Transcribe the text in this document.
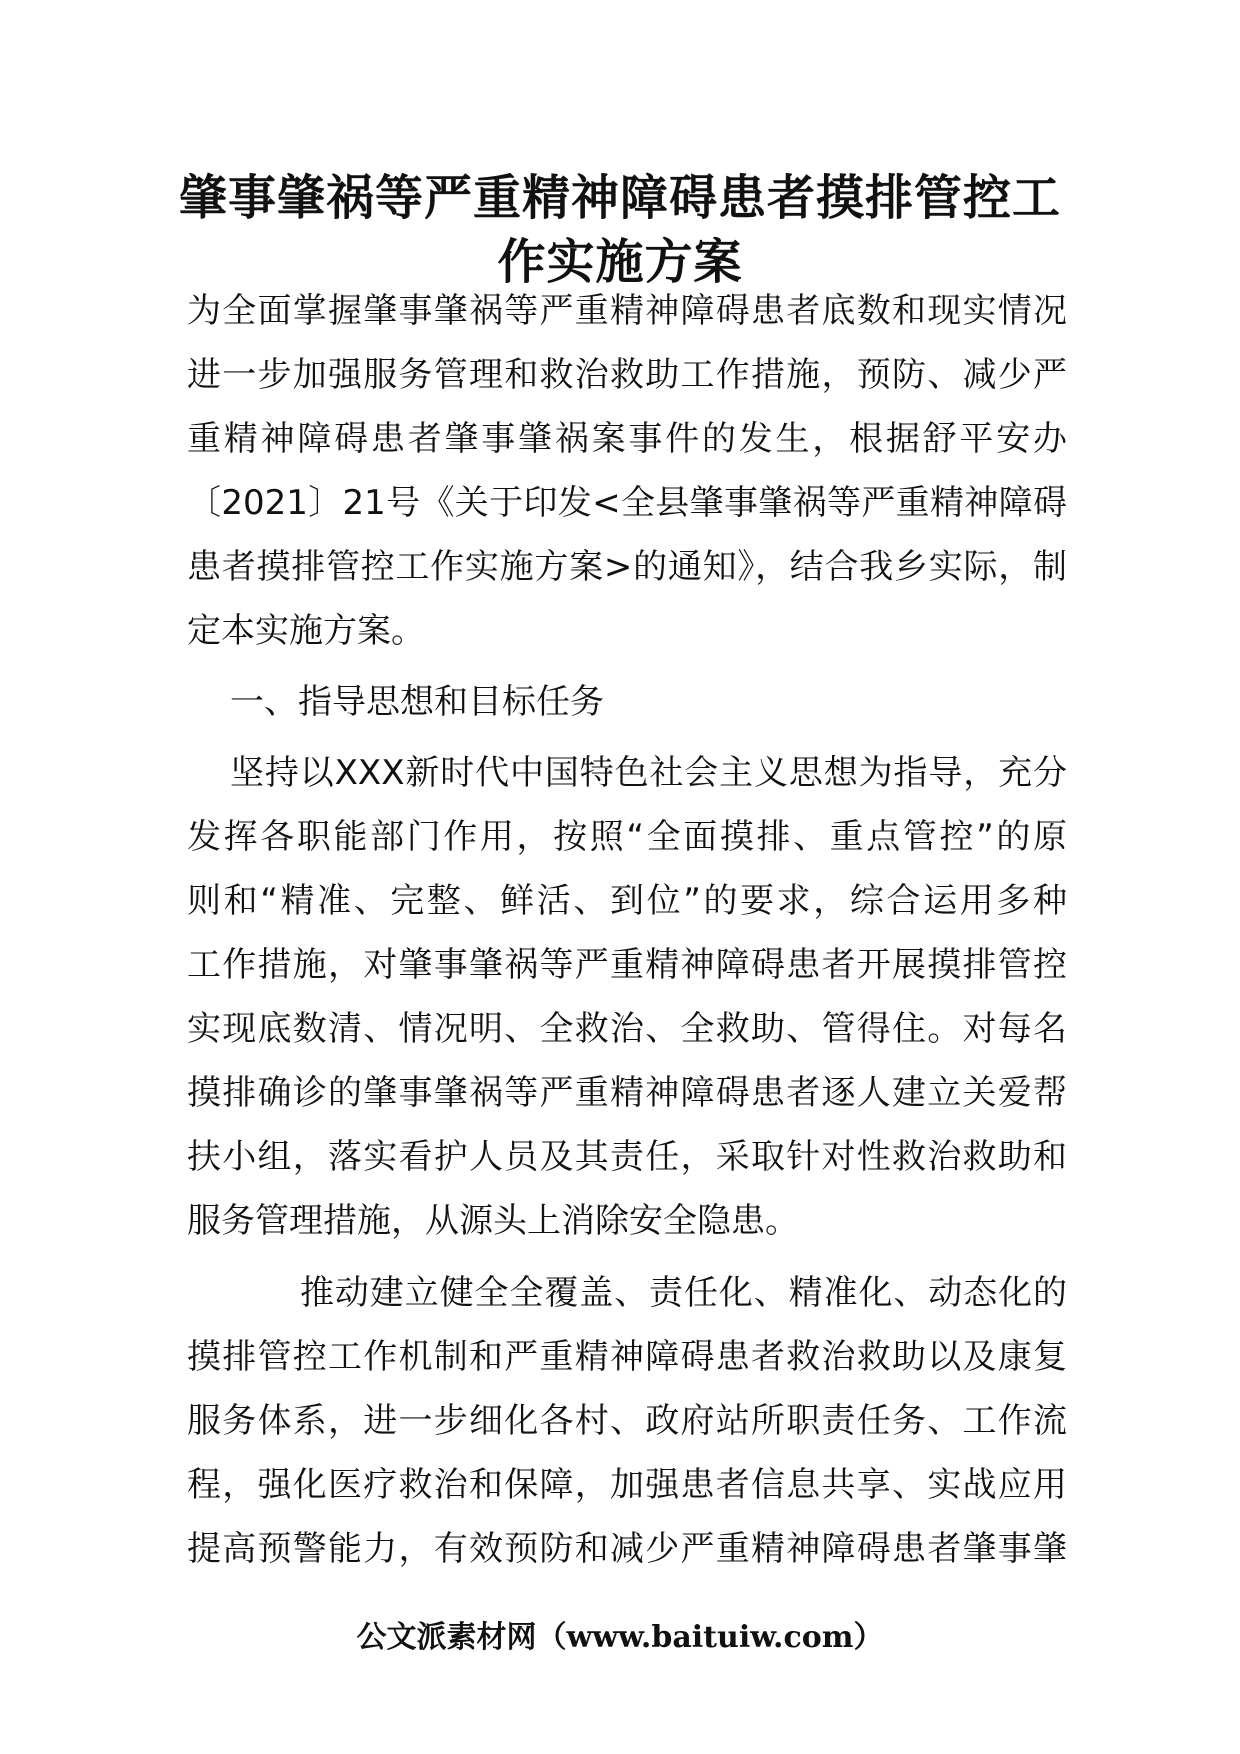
肇事肇祸等严重精神障碍患者摸排管控工
作实施方案
为全面掌握肇事肇祸等严重精神障碍患者底数和现实情况
进一步加强服务管理和救治救助工作措施，预防、减少严
重精神障碍患者肇事肇祸案事件的发生，根据舒平安办
〔2021〕21号《关于印发<全县肇事肇祸等严重精神障碍
患者摸排管控工作实施方案>的通知》，结合我乡实际，制
定本实施方案。
一、指导思想和目标任务
坚持以XXX新时代中国特色社会主义思想为指导，充分
发挥各职能部门作用，按照“全面摸排、重点管控”的原
则和“精准、完整、鲜活、到位”的要求，综合运用多种
工作措施，对肇事肇祸等严重精神障碍患者开展摸排管控
实现底数清、情况明、全救治、全救助、管得住。对每名
摸排确诊的肇事肇祸等严重精神障碍患者逐人建立关爱帮
扶小组，落实看护人员及其责任，采取针对性救治救助和
服务管理措施，从源头上消除安全隐患。
推动建立健全全覆盖、责任化、精准化、动态化的
摸排管控工作机制和严重精神障碍患者救治救助以及康复
服务体系，进一步细化各村、政府站所职责任务、工作流
程，强化医疗救治和保障，加强患者信息共享、实战应用
提高预警能力，有效预防和减少严重精神障碍患者肇事肇
公文派素材网（www.baituiw.com）
